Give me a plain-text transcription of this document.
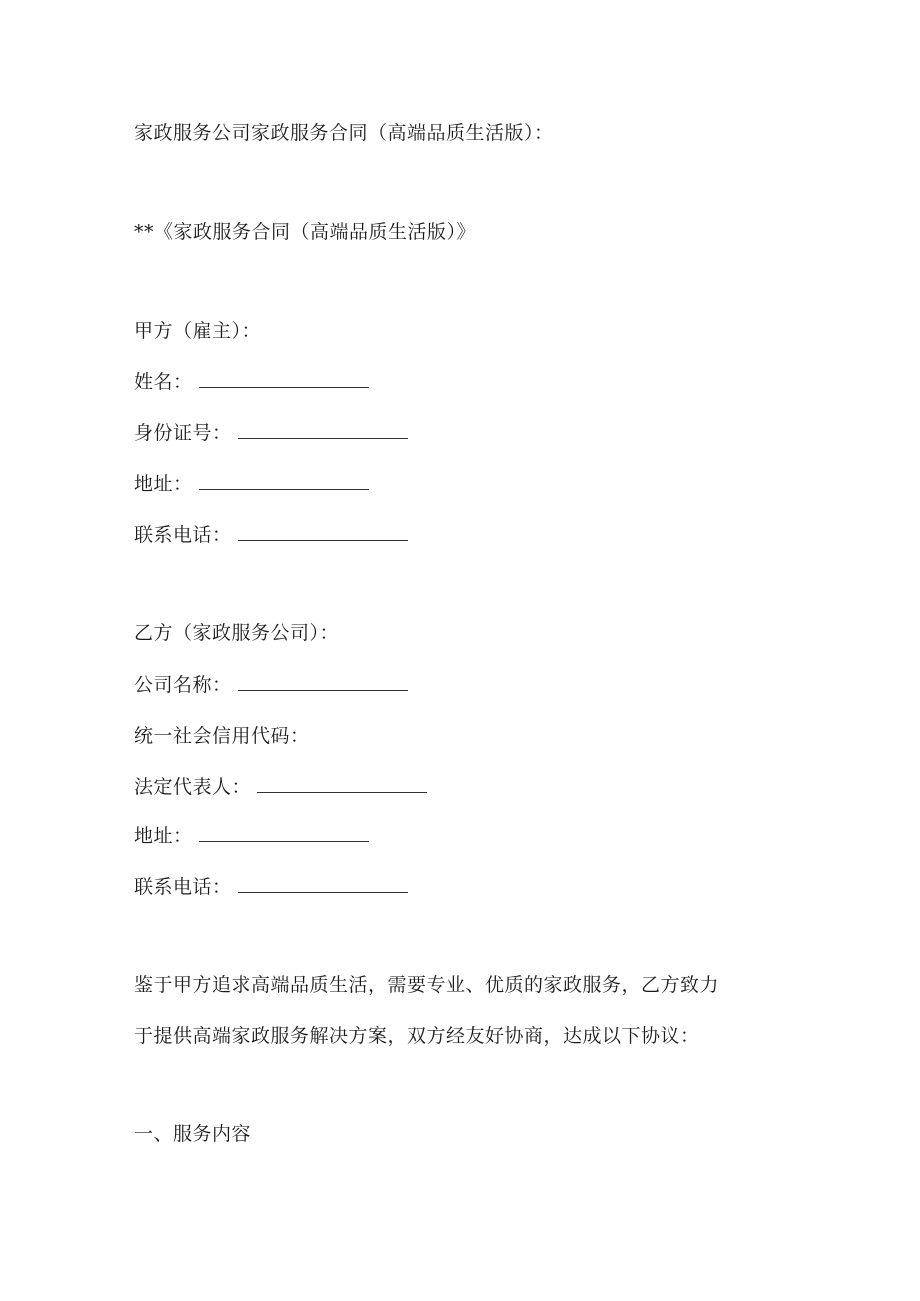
家政服务公司家政服务合同（高端品质生活版）：
**《家政服务合同（高端品质生活版）》
甲方（雇主）：
姓名：
身份证号：
地址：
联系电话：
乙方（家政服务公司）：
公司名称：
统一社会信用代码：
法定代表人：
地址：
联系电话：
鉴于甲方追求高端品质生活，需要专业、优质的家政服务，乙方致力
于提供高端家政服务解决方案，双方经友好协商，达成以下协议：
一、服务内容
